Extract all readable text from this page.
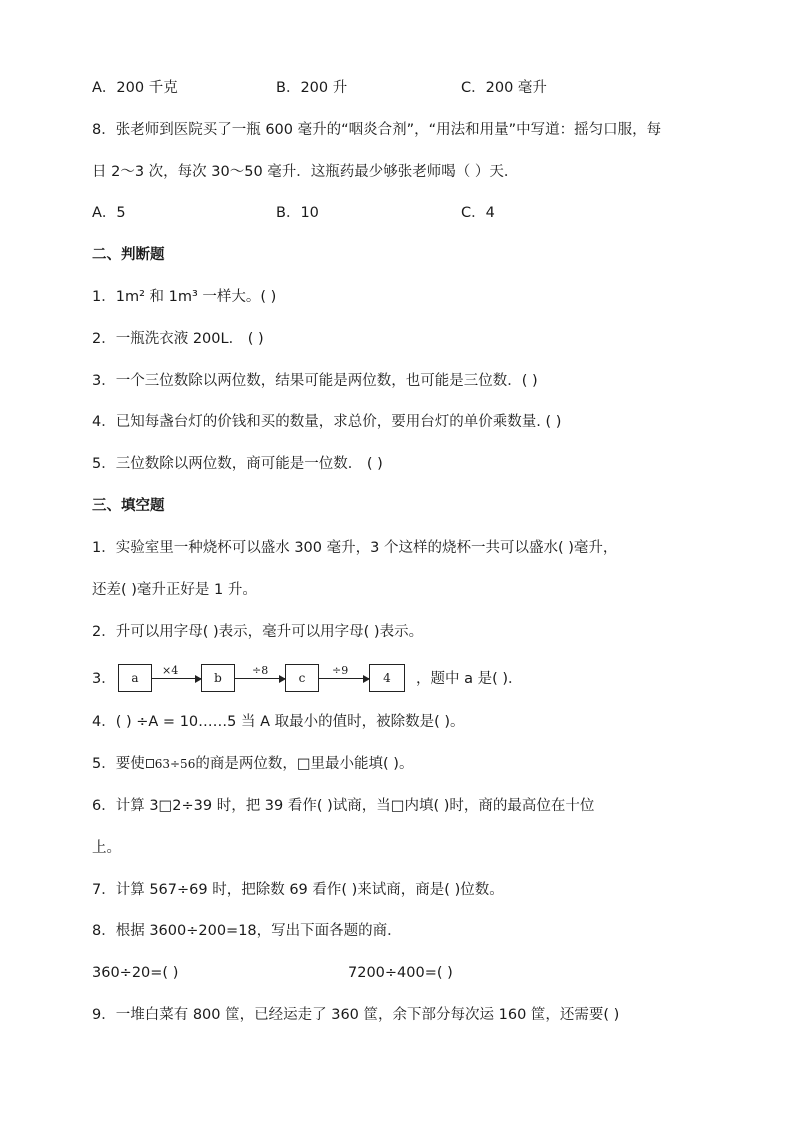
A．200 千克	B．200 升	C．200 毫升
8．张老师到医院买了一瓶 600 毫升的“咽炎合剂”，“用法和用量”中写道：摇匀口服，每
日 2～3 次，每次 30～50 毫升．这瓶药最少够张老师喝（ ）天．
A．5	B．10	C．4
二、判断题
1．1m² 和 1m³ 一样大。( )
2．一瓶洗衣液 200L． ( )
3．一个三位数除以两位数，结果可能是两位数，也可能是三位数．( )
4．已知每盏台灯的价钱和买的数量，求总价，要用台灯的单价乘数量. ( )
5．三位数除以两位数，商可能是一位数． ( )
三、填空题
1．实验室里一种烧杯可以盛水 300 毫升，3 个这样的烧杯一共可以盛水( )毫升，
还差( )毫升正好是 1 升。
2．升可以用字母( )表示，毫升可以用字母( )表示。
3．	a
×4
b
÷8
c
÷9
4	，题中 a 是( )．
4．( ) ÷A = 10……5 当 A 取最小的值时，被除数是( )。
5．要使 63÷56的商是两位数，□里最小能填( )。
6．计算 3□2÷39 时，把 39 看作( )试商，当□内填( )时，商的最高位在十位
上。
7．计算 567÷69 时，把除数 69 看作( )来试商，商是( )位数。
8．根据 3600÷200=18，写出下面各题的商．
360÷20=( )	7200÷400=( )
9．一堆白菜有 800 筐，已经运走了 360 筐，余下部分每次运 160 筐，还需要( )
